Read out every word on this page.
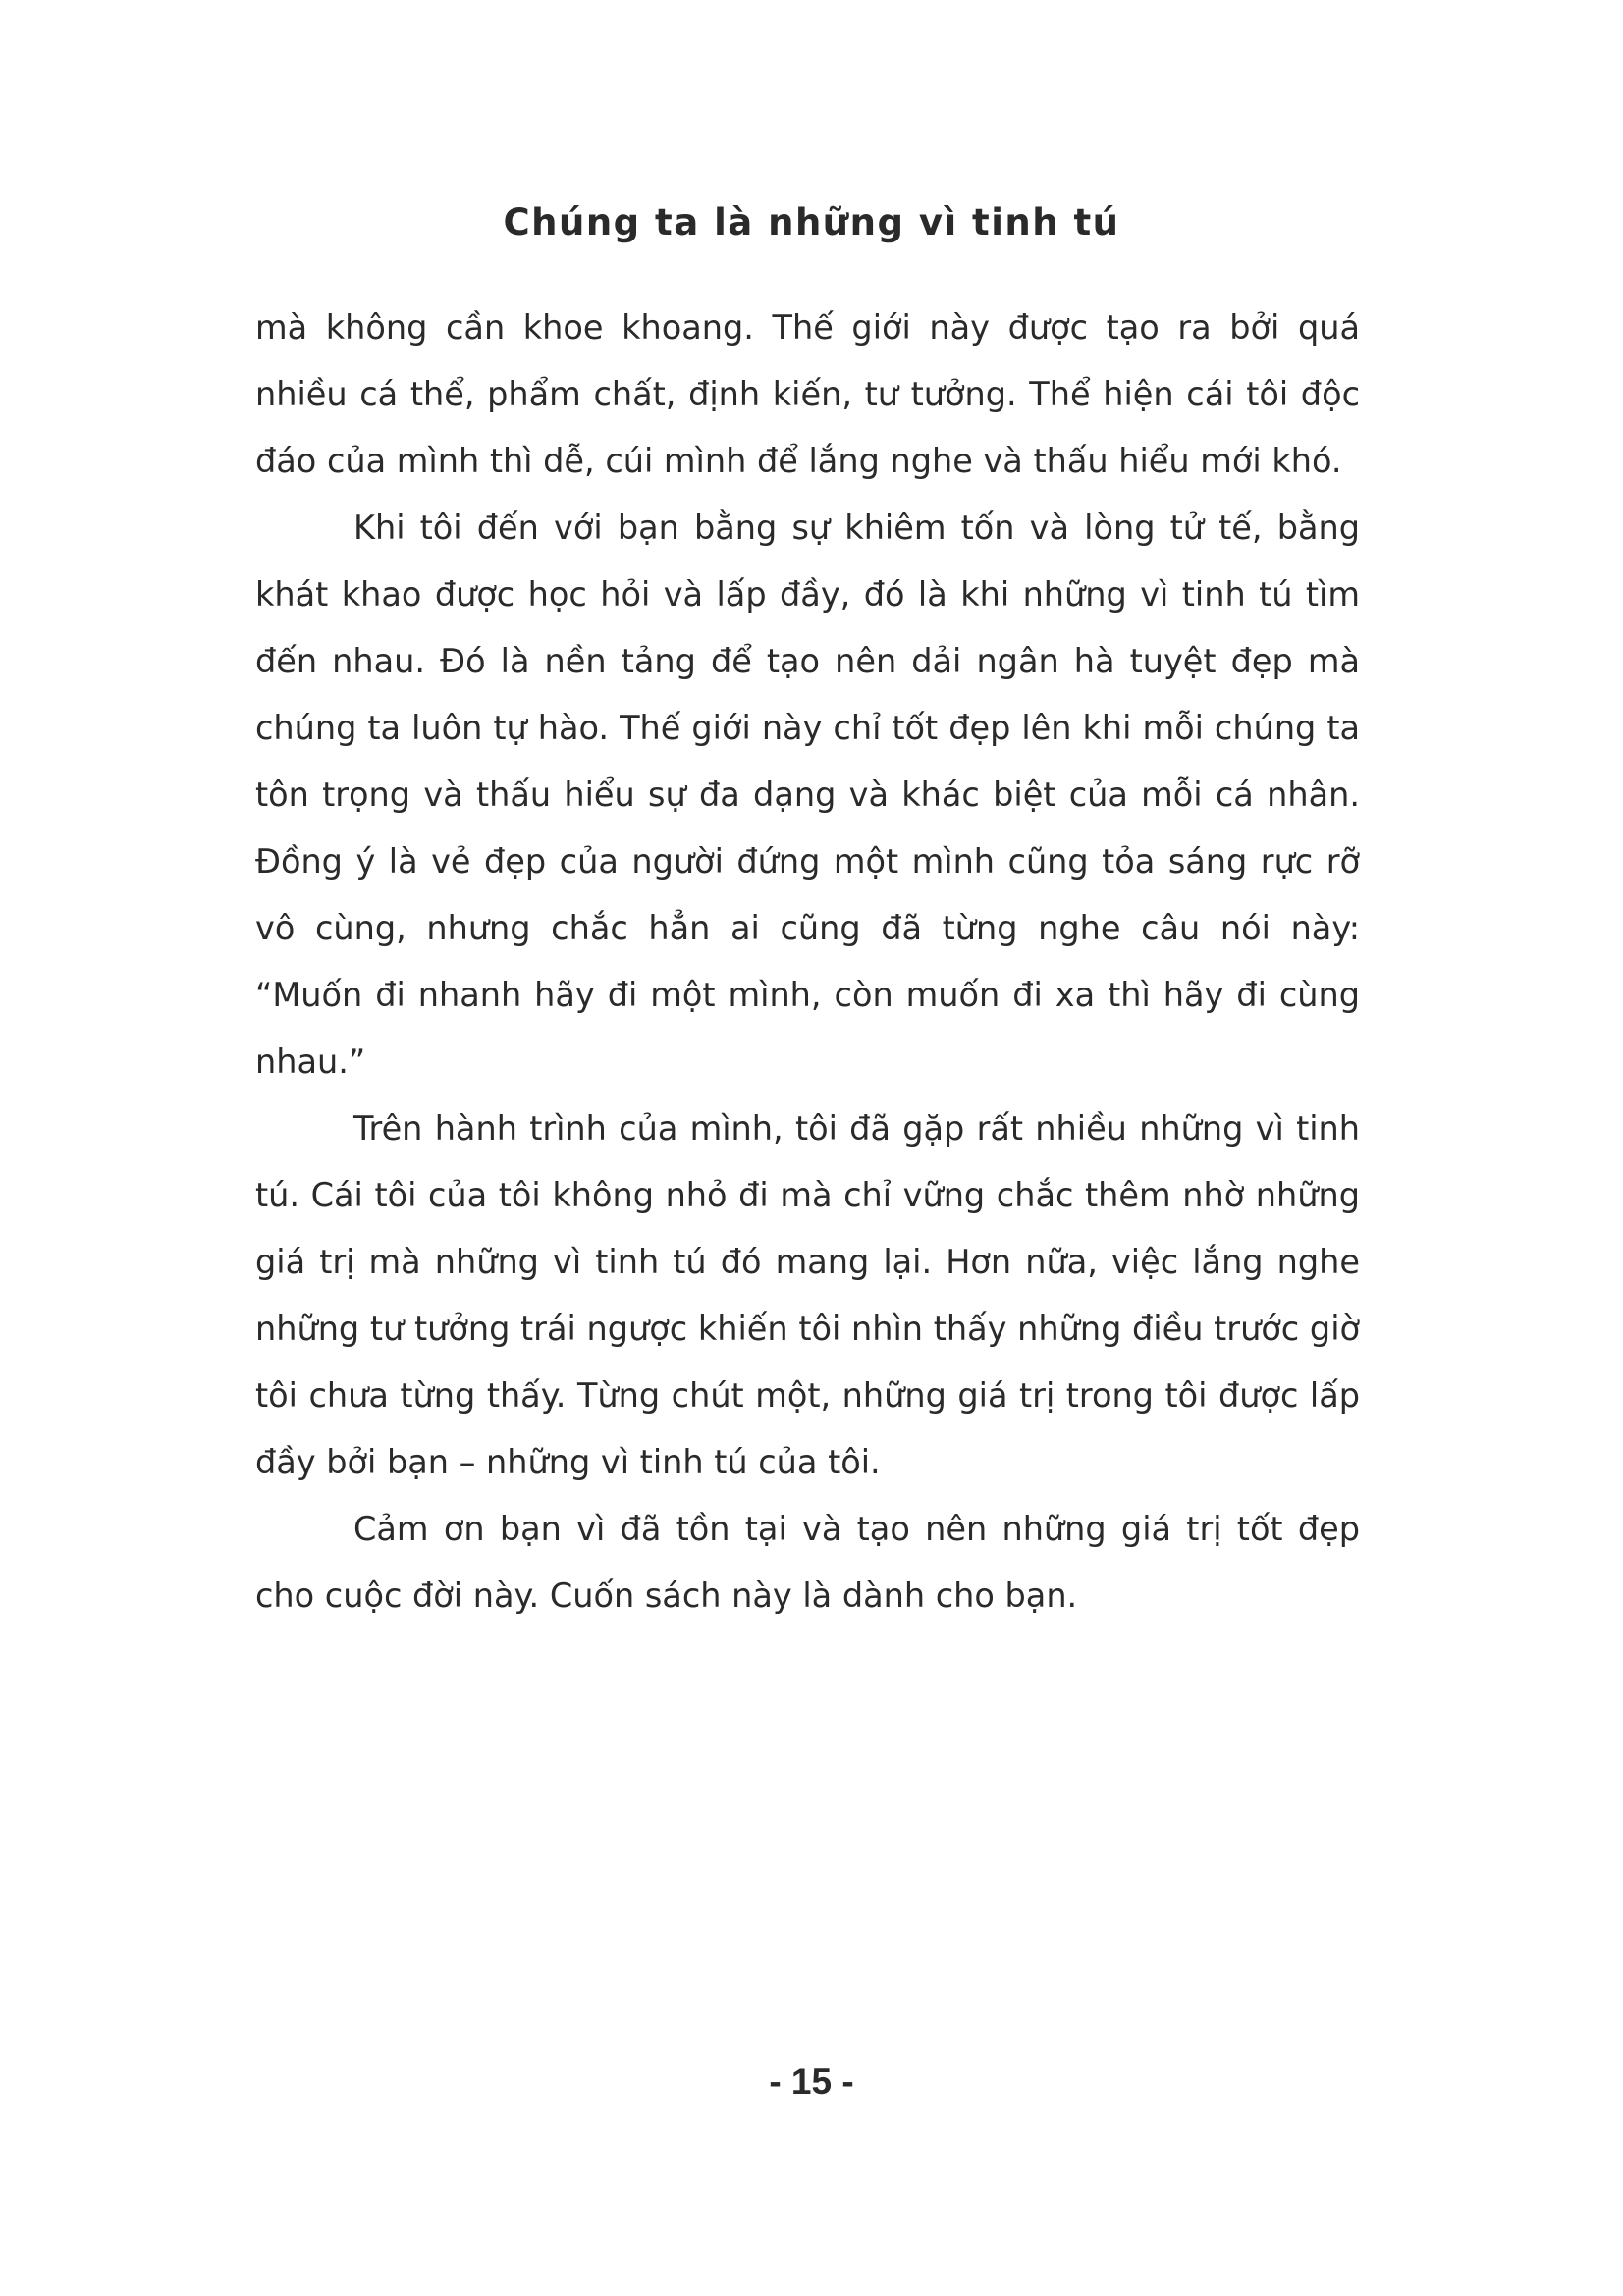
Chúng ta là những vì tinh tú

mà không cần khoe khoang. Thế giới này được tạo ra bởi quá nhiều cá thể, phẩm chất, định kiến, tư tưởng. Thể hiện cái tôi độc đáo của mình thì dễ, cúi mình để lắng nghe và thấu hiểu mới khó.

Khi tôi đến với bạn bằng sự khiêm tốn và lòng tử tế, bằng khát khao được học hỏi và lấp đầy, đó là khi những vì tinh tú tìm đến nhau. Đó là nền tảng để tạo nên dải ngân hà tuyệt đẹp mà chúng ta luôn tự hào. Thế giới này chỉ tốt đẹp lên khi mỗi chúng ta tôn trọng và thấu hiểu sự đa dạng và khác biệt của mỗi cá nhân. Đồng ý là vẻ đẹp của người đứng một mình cũng tỏa sáng rực rỡ vô cùng, nhưng chắc hẳn ai cũng đã từng nghe câu nói này: “Muốn đi nhanh hãy đi một mình, còn muốn đi xa thì hãy đi cùng nhau.”

Trên hành trình của mình, tôi đã gặp rất nhiều những vì tinh tú. Cái tôi của tôi không nhỏ đi mà chỉ vững chắc thêm nhờ những giá trị mà những vì tinh tú đó mang lại. Hơn nữa, việc lắng nghe những tư tưởng trái ngược khiến tôi nhìn thấy những điều trước giờ tôi chưa từng thấy. Từng chút một, những giá trị trong tôi được lấp đầy bởi bạn – những vì tinh tú của tôi.

Cảm ơn bạn vì đã tồn tại và tạo nên những giá trị tốt đẹp cho cuộc đời này. Cuốn sách này là dành cho bạn.

- 15 -
